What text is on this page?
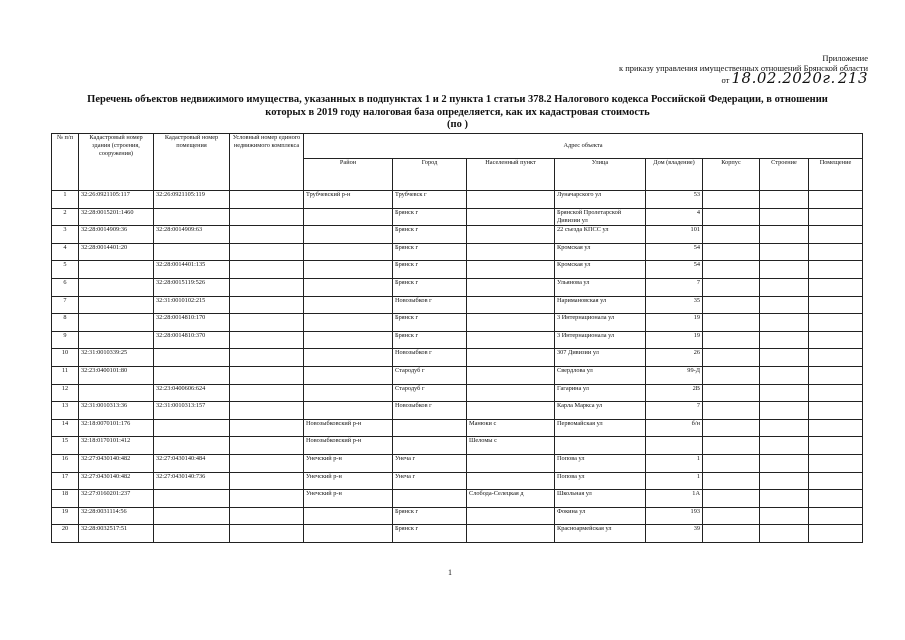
Приложение
к приказу управления имущественных отношений Брянской области
от 18.02.2020г. 213
Перечень объектов недвижимого имущества, указанных в подпунктах 1 и 2 пункта 1 статьи 378.2 Налогового кодекса Российской Федерации, в отношении
которых в 2019 году налоговая база определяется, как их кадастровая стоимость
(по )
№ п/п	Кадастровый номер здания (строения, сооружения)	Кадастровый номер помещения	Условный номер единого недвижимого комплекса	Адрес объекта							
				Район	Город	Населенный пункт	Улица	Дом (владение)	Корпус	Строение	Помещение
1	32:26:0921105:117	32:26:0921105:119		Трубчевский р-н	Трубчевск г		Луначарского ул	53			
2	32:28:0015201:1460				Брянск г		Брянской Пролетарской Дивизии ул	4			
3	32:28:0014909:36	32:28:0014909:63			Брянск г		22 съезда КПСС ул	101			
4	32:28:0014401:20				Брянск г		Кромская ул	54			
5		32:28:0014401:135			Брянск г		Кромская ул	54			
6		32:28:0015119:526			Брянск г		Ульянова ул	7			
7		32:31:0010102:215			Новозыбков г		Наримановская ул	35			
8		32:28:0014810:170			Брянск г		3 Интернационала ул	19			
9		32:28:0014810:370			Брянск г		3 Интернационала ул	19			
10	32:31:0010339:25				Новозыбков г		307 Дивизии ул	26			
11	32:23:0400101:80				Стародуб г		Свердлова ул	99-Д			
12		32:23:0400606:624			Стародуб г		Гагарина ул	2В			
13	32:31:0010313:36	32:31:0010313:157			Новозыбков г		Карла Маркса ул	7			
14	32:18:0070101:176			Новозыбковский р-н		Манюки с	Первомайская ул	б/н			
15	32:18:0170101:412			Новозыбковский р-н		Шеломы с					
16	32:27:0430140:482	32:27:0430140:484		Унечский р-н	Унеча г		Попова ул	1			
17	32:27:0430140:482	32:27:0430140:736		Унечский р-н	Унеча г		Попова ул	1			
18	32:27:0160201:237			Унечский р-н		Слобода-Селецкая д	Школьная ул	1А			
19	32:28:0031114:56				Брянск г		Фокина ул	193			
20	32:28:0032517:51				Брянск г		Красноармейская ул	39			
1
